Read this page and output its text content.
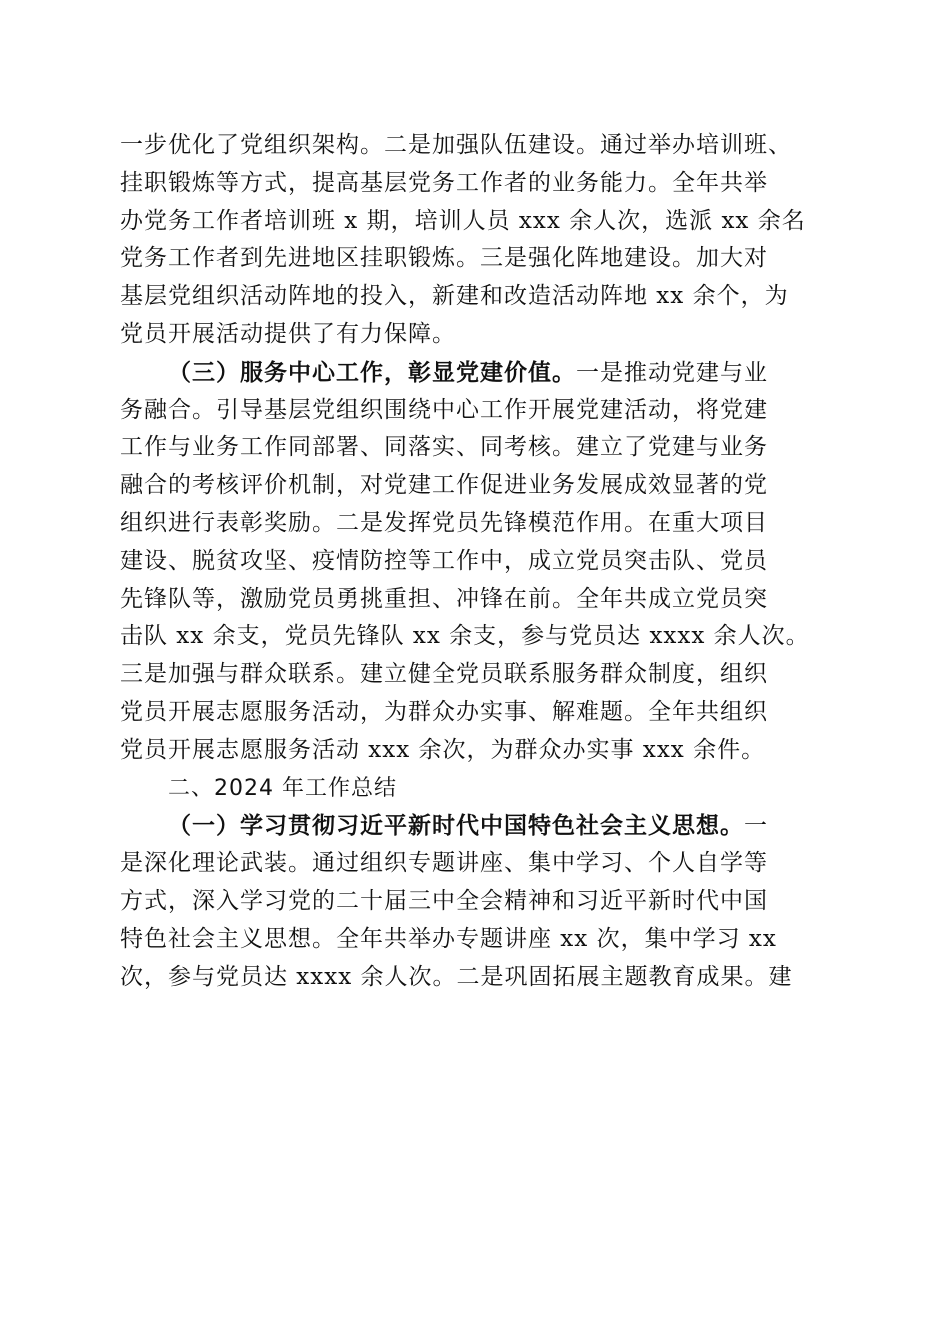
一步优化了党组织架构。二是加强队伍建设。通过举办培训班、
挂职锻炼等方式，提高基层党务工作者的业务能力。全年共举
办党务工作者培训班 x 期，培训人员 xxx 余人次，选派 xx 余名
党务工作者到先进地区挂职锻炼。三是强化阵地建设。加大对
基层党组织活动阵地的投入，新建和改造活动阵地 xx 余个，为
党员开展活动提供了有力保障。
（三）服务中心工作，彰显党建价值。一是推动党建与业
务融合。引导基层党组织围绕中心工作开展党建活动，将党建
工作与业务工作同部署、同落实、同考核。建立了党建与业务
融合的考核评价机制，对党建工作促进业务发展成效显著的党
组织进行表彰奖励。二是发挥党员先锋模范作用。在重大项目
建设、脱贫攻坚、疫情防控等工作中，成立党员突击队、党员
先锋队等，激励党员勇挑重担、冲锋在前。全年共成立党员突
击队 xx 余支，党员先锋队 xx 余支，参与党员达 xxxx 余人次。
三是加强与群众联系。建立健全党员联系服务群众制度，组织
党员开展志愿服务活动，为群众办实事、解难题。全年共组织
党员开展志愿服务活动 xxx 余次，为群众办实事 xxx 余件。
二、2024 年工作总结
（一）学习贯彻习近平新时代中国特色社会主义思想。一
是深化理论武装。通过组织专题讲座、集中学习、个人自学等
方式，深入学习党的二十届三中全会精神和习近平新时代中国
特色社会主义思想。全年共举办专题讲座 xx 次，集中学习 xx
次，参与党员达 xxxx 余人次。二是巩固拓展主题教育成果。建
